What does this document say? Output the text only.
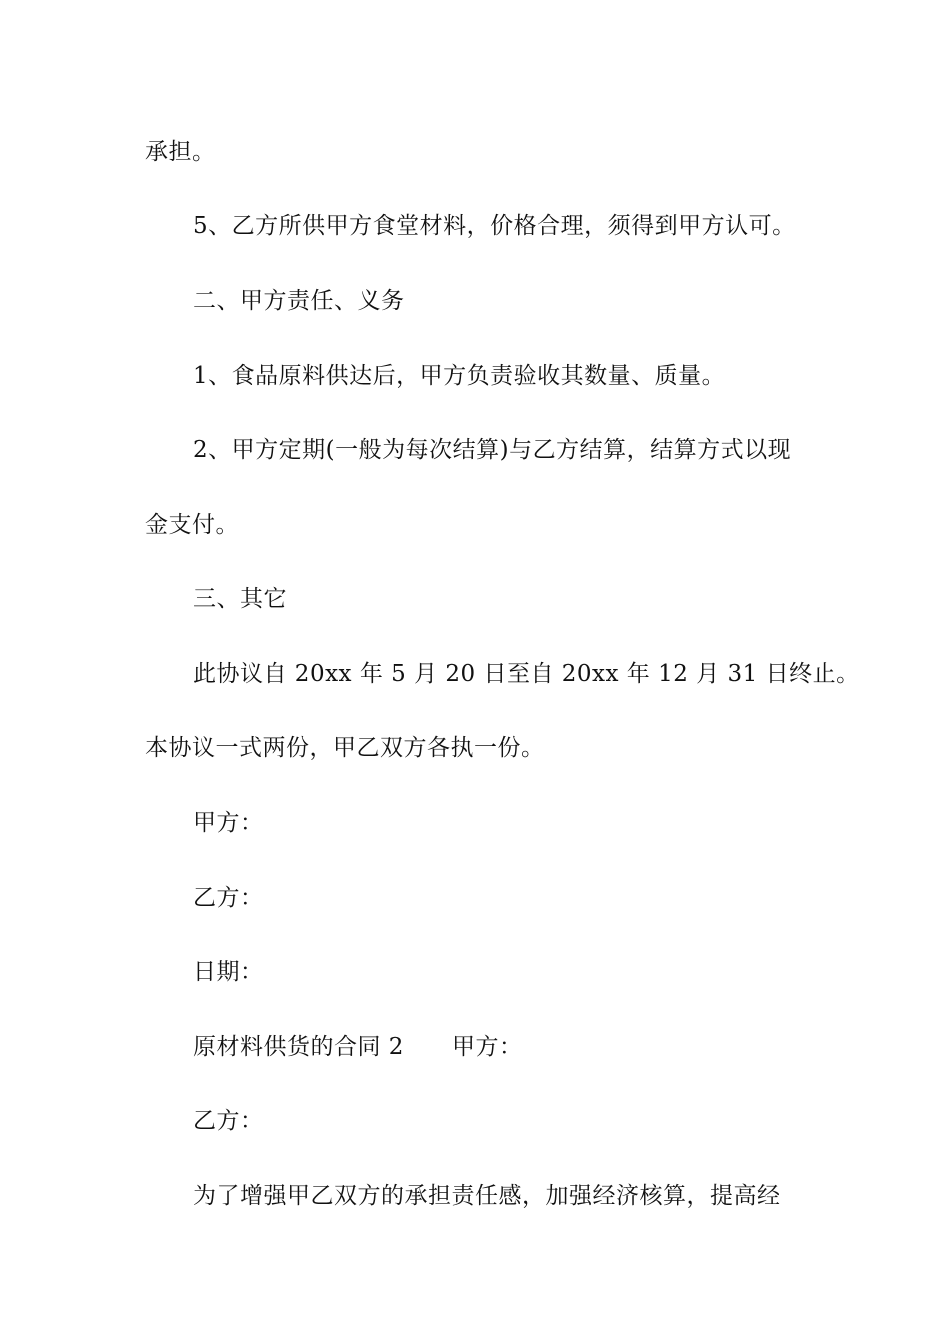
承担。
5、乙方所供甲方食堂材料，价格合理，须得到甲方认可。
二、甲方责任、义务
1、食品原料供达后，甲方负责验收其数量、质量。
2、甲方定期(一般为每次结算)与乙方结算，结算方式以现
金支付。
三、其它
此协议自 20xx 年 5 月 20 日至自 20xx 年 12 月 31 日终止。
本协议一式两份，甲乙双方各执一份。
甲方：
乙方：
日期：
原材料供货的合同 2 甲方：
乙方：
为了增强甲乙双方的承担责任感，加强经济核算，提高经
